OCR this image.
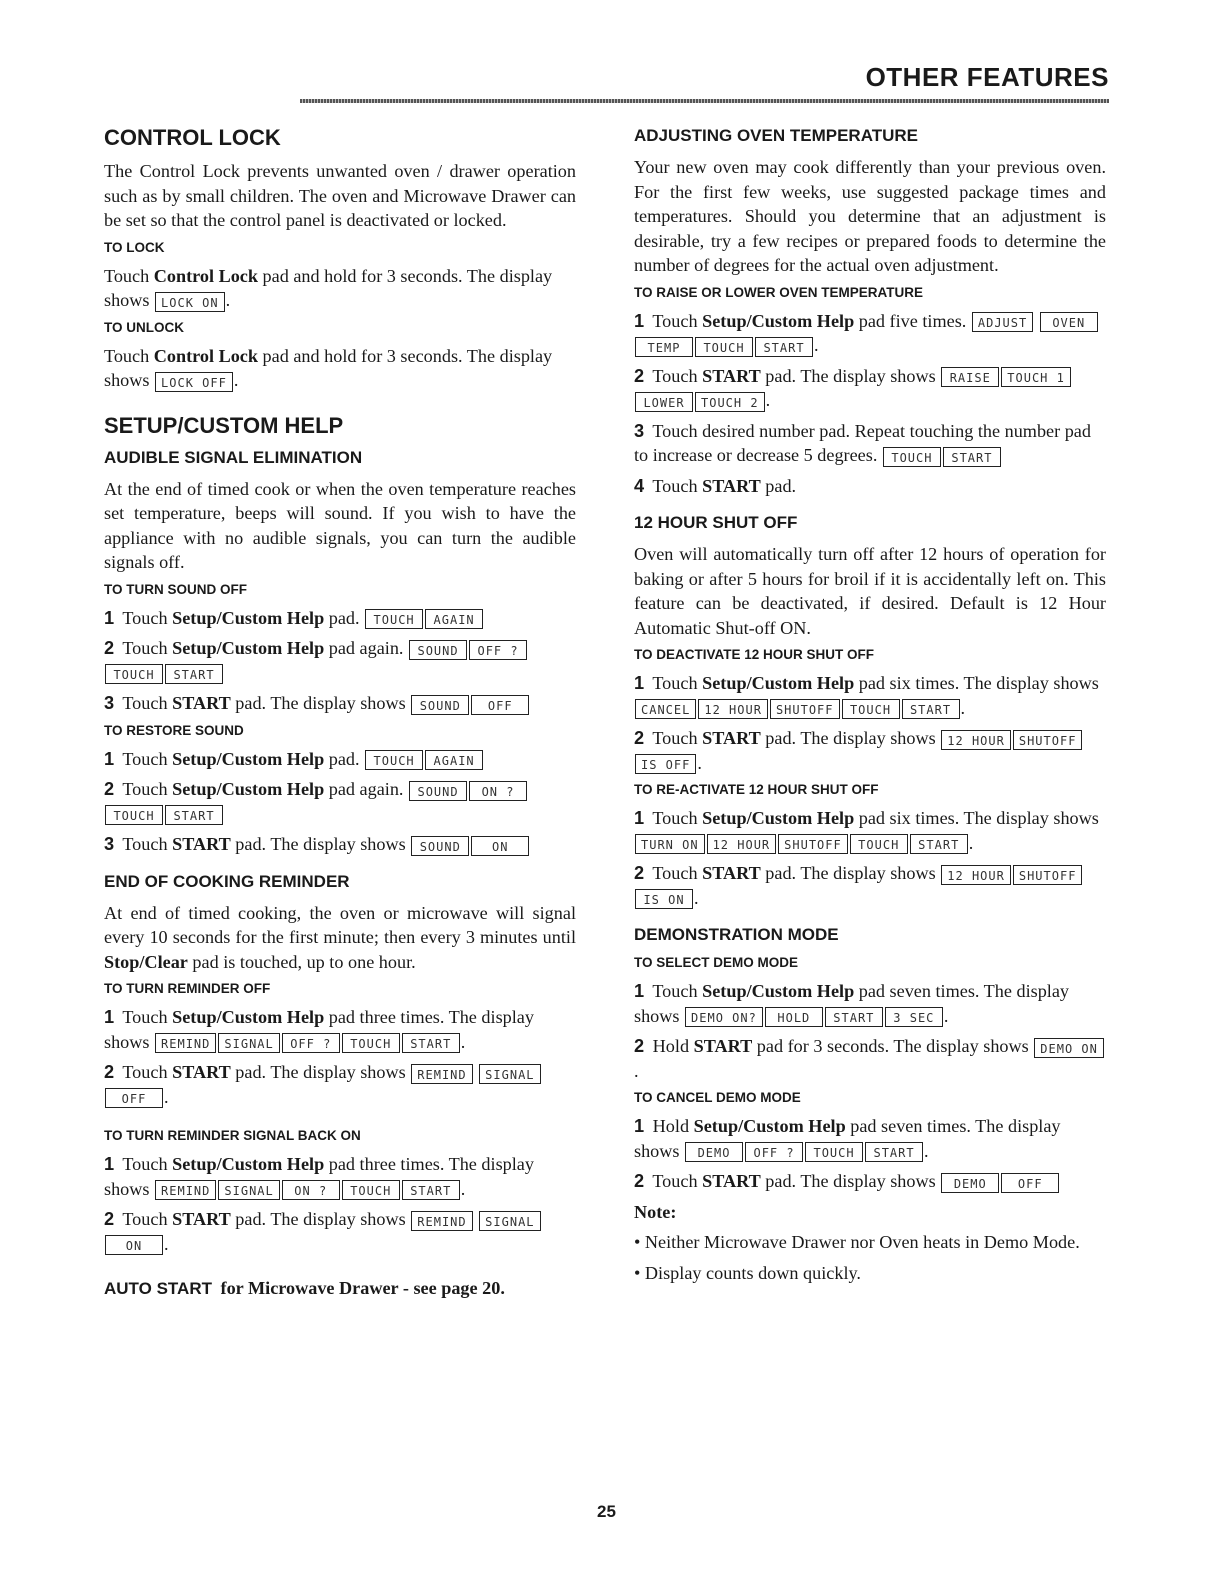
OTHER FEATURES
CONTROL LOCK

The Control Lock prevents unwanted oven / drawer operation such as by small children. The oven and Microwave Drawer can be set so that the control panel is deactivated or locked.

TO LOCK

Touch Control Lock pad and hold for 3 seconds. The display shows LOCK ON .

TO UNLOCK

Touch Control Lock pad and hold for 3 seconds. The display shows LOCK OFF .

SETUP/CUSTOM HELP
AUDIBLE SIGNAL ELIMINATION

At the end of timed cook or when the oven temperature reaches set temperature, beeps will sound. If you wish to have the appliance with no audible signals, you can turn the audible signals off.

TO TURN SOUND OFF
1 Touch Setup/Custom Help pad. TOUCH AGAIN
2 Touch Setup/Custom Help pad again. SOUND OFF ? TOUCH START
3 Touch START pad. The display shows SOUND OFF
TO RESTORE SOUND
1 Touch Setup/Custom Help pad. TOUCH AGAIN
2 Touch Setup/Custom Help pad again. SOUND ON ? TOUCH START
3 Touch START pad. The display shows SOUND	ON
END OF COOKING REMINDER

At end of timed cooking, the oven or microwave will signal every 10 seconds for the first minute; then every 3 minutes until Stop/Clear pad is touched, up to one hour.

TO TURN REMINDER OFF
1 Touch Setup/Custom Help pad three times. The display shows REMIND SIGNAL OFF ? TOUCH START .
2 Touch START pad. The display shows REMIND SIGNALOFF .
TO TURN REMINDER SIGNAL BACK ON
1 Touch Setup/Custom Help pad three times. The display shows REMIND SIGNAL ON ? TOUCH START .
2 Touch START pad. The display shows REMIND SIGNALON .

AUTO START for Microwave Drawer - see page 20.

ADJUSTING OVEN TEMPERATURE

Your new oven may cook differently than your previous oven. For the first few weeks, use suggested package times and temperatures. Should you determine that an adjustment is desirable, try a few recipes or prepared foods to determine the number of degrees for the actual oven adjustment.

TO RAISE OR LOWER OVEN TEMPERATURE
1 Touch Setup/Custom Help pad five times. ADJUST OVENTEMP TOUCH START .
2 Touch START pad. The display shows RAISE TOUCH 1 LOWER TOUCH 2 .
3 Touch desired number pad. Repeat touching the number pad to increase or decrease 5 degrees. TOUCH START
4 Touch START pad.
12 HOUR SHUT OFF

Oven will automatically turn off after 12 hours of operation for baking or after 5 hours for broil if it is accidentally left on. This feature can be deactivated, if desired. Default is 12 Hour Automatic Shut-off ON.

TO DEACTIVATE 12 HOUR SHUT OFF
1 Touch Setup/Custom Help pad six times. The display shows CANCEL 12 HOUR SHUTOFF TOUCH START .
2 Touch START pad. The display shows 12 HOUR SHUTOFF IS OFF .
TO RE-ACTIVATE 12 HOUR SHUT OFF
1 Touch Setup/Custom Help pad six times. The display shows TURN ON 12 HOUR SHUTOFF TOUCH START .
2 Touch START pad. The display shows 12 HOUR SHUTOFF IS ON .
DEMONSTRATION MODE
TO SELECT DEMO MODE
1 Touch Setup/Custom Help pad seven times. The display shows DEMO ON? HOLD START 3 SEC .
2 Hold START pad for 3 seconds. The display shows DEMO ON.
TO CANCEL DEMO MODE
1 Hold Setup/Custom Help pad seven times. The display shows DEMO OFF ? TOUCH START .
2 Touch START pad. The display shows DEMO	OFF

Note:

• Neither Microwave Drawer nor Oven heats in Demo Mode.
• Display counts down quickly.
25
